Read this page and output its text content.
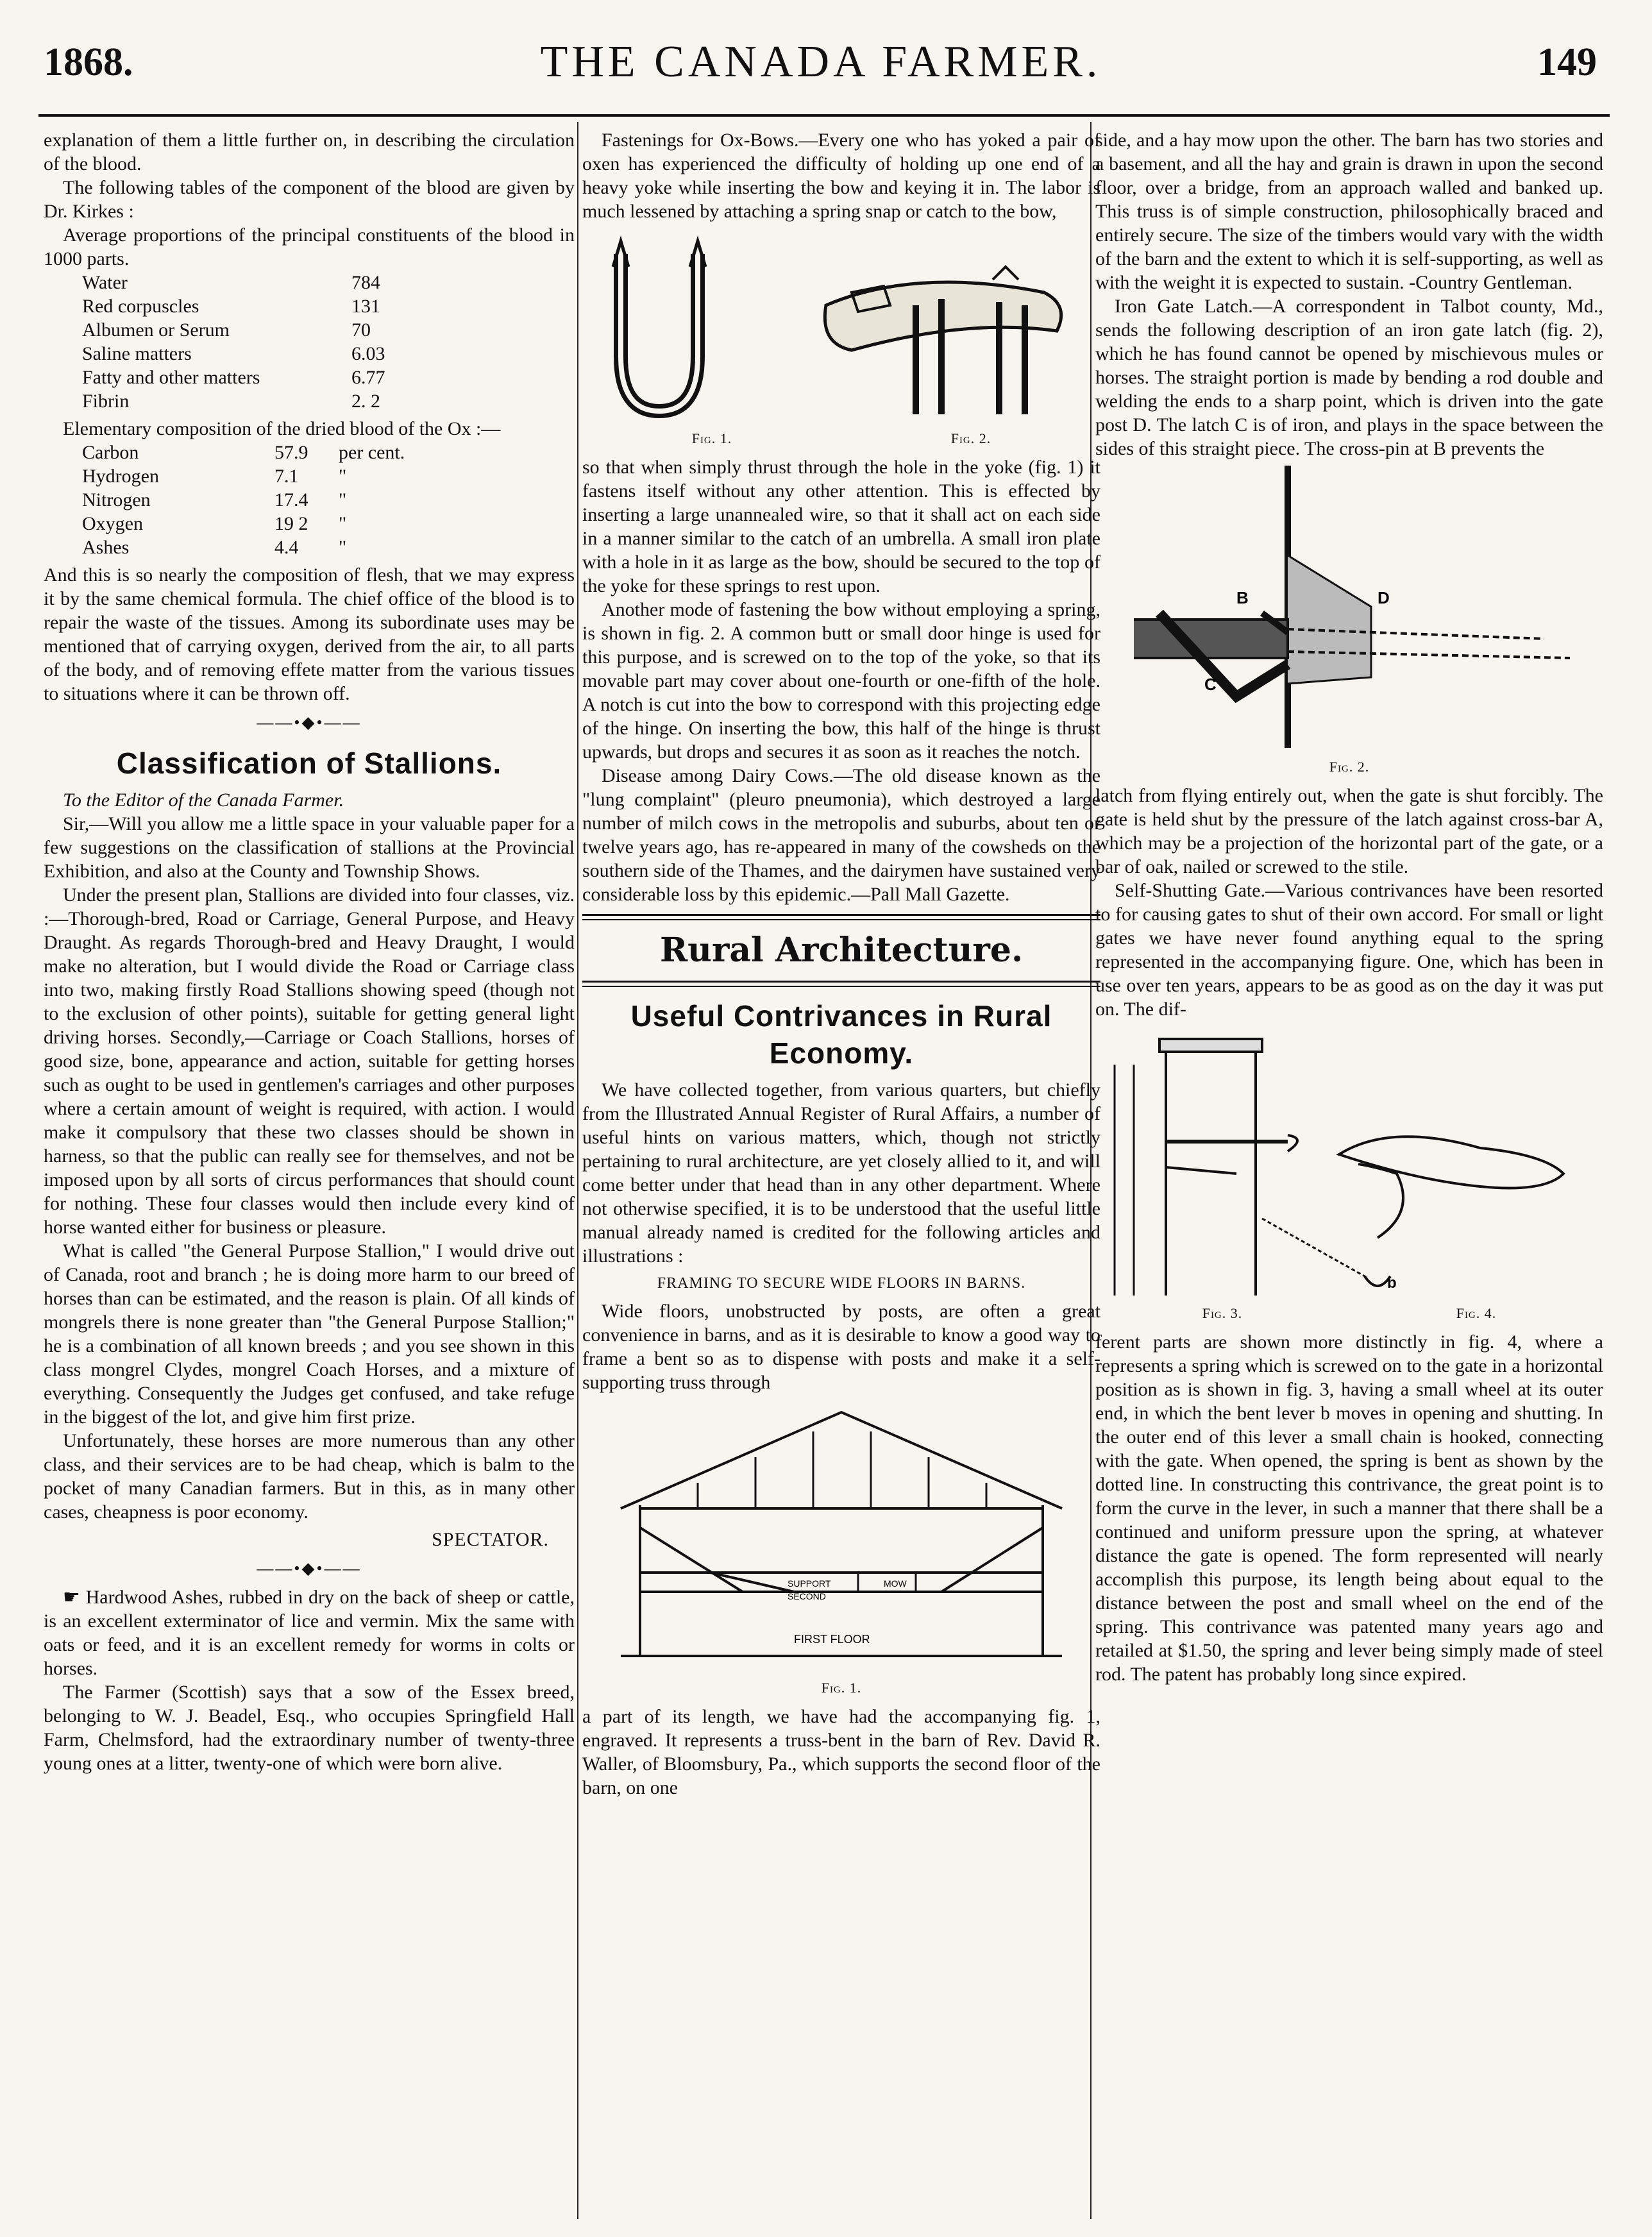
1868.	THE CANADA FARMER.	149

explanation of them a little further on, in describing the circulation of the blood.

The following tables of the component of the blood are given by Dr. Kirkes :

Average proportions of the principal constituents of the blood in 1000 parts.

Water	784
Red corpuscles	131
Albumen or Serum	70
Saline matters	6.03
Fatty and other matters	6.77
Fibrin	2. 2

Elementary composition of the dried blood of the Ox :—

Carbon	57.9	per cent.
Hydrogen	7.1	"
Nitrogen	17.4	"
Oxygen	19 2	"
Ashes	4.4	"

And this is so nearly the composition of flesh, that we may express it by the same chemical formula. The chief office of the blood is to repair the waste of the tissues. Among its subordinate uses may be mentioned that of carrying oxygen, derived from the air, to all parts of the body, and of removing effete matter from the various tissues to situations where it can be thrown off.

——•◆•——
Classification of Stallions.

To the Editor of the Canada Farmer.

Sir,—Will you allow me a little space in your valuable paper for a few suggestions on the classification of stallions at the Provincial Exhibition, and also at the County and Township Shows.

Under the present plan, Stallions are divided into four classes, viz. :—Thorough-bred, Road or Carriage, General Purpose, and Heavy Draught. As regards Thorough-bred and Heavy Draught, I would make no alteration, but I would divide the Road or Carriage class into two, making firstly Road Stallions showing speed (though not to the exclusion of other points), suitable for getting general light driving horses. Secondly,—Carriage or Coach Stallions, horses of good size, bone, appearance and action, suitable for getting horses such as ought to be used in gentlemen's carriages and other purposes where a certain amount of weight is required, with action. I would make it compulsory that these two classes should be shown in harness, so that the public can really see for themselves, and not be imposed upon by all sorts of circus performances that should count for nothing. These four classes would then include every kind of horse wanted either for business or pleasure.

What is called "the General Purpose Stallion," I would drive out of Canada, root and branch ; he is doing more harm to our breed of horses than can be estimated, and the reason is plain. Of all kinds of mongrels there is none greater than "the General Purpose Stallion;" he is a combination of all known breeds ; and you see shown in this class mongrel Clydes, mongrel Coach Horses, and a mixture of everything. Consequently the Judges get confused, and take refuge in the biggest of the lot, and give him first prize.

Unfortunately, these horses are more numerous than any other class, and their services are to be had cheap, which is balm to the pocket of many Canadian farmers. But in this, as in many other cases, cheapness is poor economy.

SPECTATOR.
——•◆•——

☛ Hardwood Ashes, rubbed in dry on the back of sheep or cattle, is an excellent exterminator of lice and vermin. Mix the same with oats or feed, and it is an excellent remedy for worms in colts or horses.

The Farmer (Scottish) says that a sow of the Essex breed, belonging to W. J. Beadel, Esq., who occupies Springfield Hall Farm, Chelmsford, had the extraordinary number of twenty-three young ones at a litter, twenty-one of which were born alive.

Fastenings for Ox-Bows.—Every one who has yoked a pair of oxen has experienced the difficulty of holding up one end of a heavy yoke while inserting the bow and keying it in. The labor is much lessened by attaching a spring snap or catch to the bow,

Fig. 1.	Fig. 2.

so that when simply thrust through the hole in the yoke (fig. 1) it fastens itself without any other attention. This is effected by inserting a large unannealed wire, so that it shall act on each side in a manner similar to the catch of an umbrella. A small iron plate with a hole in it as large as the bow, should be secured to the top of the yoke for these springs to rest upon.

Another mode of fastening the bow without employing a spring, is shown in fig. 2. A common butt or small door hinge is used for this purpose, and is screwed on to the top of the yoke, so that its movable part may cover about one-fourth or one-fifth of the hole. A notch is cut into the bow to correspond with this projecting edge of the hinge. On inserting the bow, this half of the hinge is thrust upwards, but drops and secures it as soon as it reaches the notch.

Disease among Dairy Cows.—The old disease known as the "lung complaint" (pleuro pneumonia), which destroyed a large number of milch cows in the metropolis and suburbs, about ten or twelve years ago, has re-appeared in many of the cowsheds on the southern side of the Thames, and the dairymen have sustained very considerable loss by this epidemic.—Pall Mall Gazette.

Rural Architecture.
Useful Contrivances in Rural Economy.

We have collected together, from various quarters, but chiefly from the Illustrated Annual Register of Rural Affairs, a number of useful hints on various matters, which, though not strictly pertaining to rural architecture, are yet closely allied to it, and will come better under that head than in any other department. Where not otherwise specified, it is to be understood that the useful little manual already named is credited for the following articles and illustrations :

FRAMING TO SECURE WIDE FLOORS IN BARNS.

Wide floors, unobstructed by posts, are often a great convenience in barns, and as it is desirable to know a good way to frame a bent so as to dispense with posts and make it a self-supporting truss through

SUPPORT
SECOND
MOW
FIRST FLOOR
Fig. 1.

a part of its length, we have had the accompanying fig. 1, engraved. It represents a truss-bent in the barn of Rev. David R. Waller, of Bloomsbury, Pa., which supports the second floor of the barn, on one

side, and a hay mow upon the other. The barn has two stories and a basement, and all the hay and grain is drawn in upon the second floor, over a bridge, from an approach walled and banked up. This truss is of simple construction, philosophically braced and entirely secure. The size of the timbers would vary with the width of the barn and the extent to which it is self-supporting, as well as with the weight it is expected to sustain. -Country Gentleman.

Iron Gate Latch.—A correspondent in Talbot county, Md., sends the following description of an iron gate latch (fig. 2), which he has found cannot be opened by mischievous mules or horses. The straight portion is made by bending a rod double and welding the ends to a sharp point, which is driven into the gate post D. The latch C is of iron, and plays in the space between the sides of this straight piece. The cross-pin at B prevents the

B	D
C
Fig. 2.

latch from flying entirely out, when the gate is shut forcibly. The gate is held shut by the pressure of the latch against cross-bar A, which may be a projection of the horizontal part of the gate, or a bar of oak, nailed or screwed to the stile.

Self-Shutting Gate.—Various contrivances have been resorted to for causing gates to shut of their own accord. For small or light gates we have never found anything equal to the spring represented in the accompanying figure. One, which has been in use over ten years, appears to be as good as on the day it was put on. The dif-

b
Fig. 3.	Fig. 4.

ferent parts are shown more distinctly in fig. 4, where a represents a spring which is screwed on to the gate in a horizontal position as is shown in fig. 3, having a small wheel at its outer end, in which the bent lever b moves in opening and shutting. In the outer end of this lever a small chain is hooked, connecting with the gate. When opened, the spring is bent as shown by the dotted line. In constructing this contrivance, the great point is to form the curve in the lever, in such a manner that there shall be a continued and uniform pressure upon the spring, at whatever distance the gate is opened. The form represented will nearly accomplish this purpose, its length being about equal to the distance between the post and small wheel on the end of the spring. This contrivance was patented many years ago and retailed at $1.50, the spring and lever being simply made of steel rod. The patent has probably long since expired.
